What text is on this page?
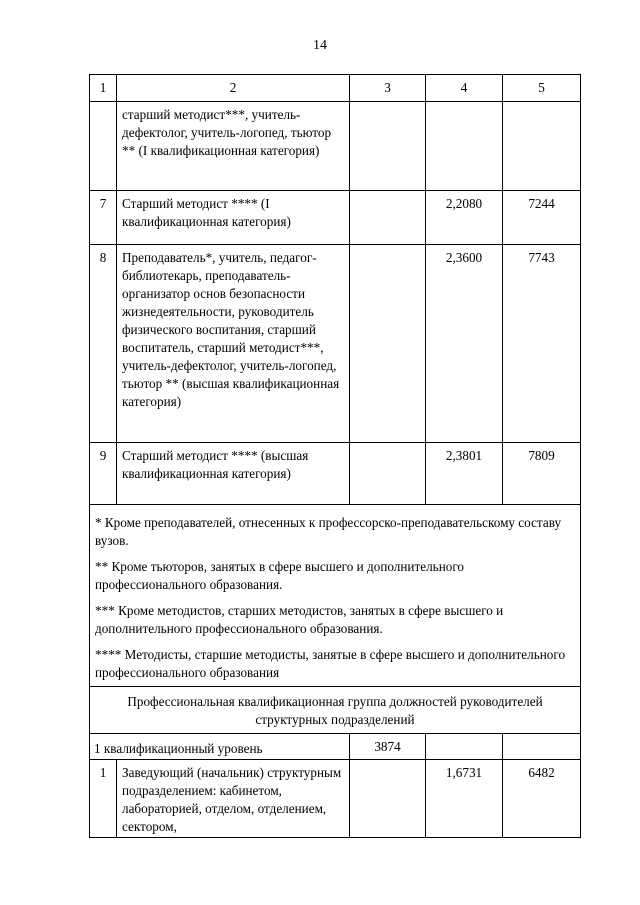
14
1	2	3	4	5
	старший методист***, учитель-дефектолог, учитель-логопед, тьютор ** (I квалификационная категория)			
7	Старший методист **** (I квалификационная категория)		2,2080	7244
8	Преподаватель*, учитель, педагог-библиотекарь, преподаватель-организатор основ безопасности жизнедеятельности, руководитель физического воспитания, старший воспитатель, старший методист***, учитель-дефектолог, учитель-логопед, тьютор ** (высшая квалификационная категория)		2,3600	7743
9	Старший методист **** (высшая квалификационная категория)		2,3801	7809

* Кроме преподавателей, отнесенных к профессорско-преподавательскому составу вузов.

** Кроме тьюторов, занятых в сфере высшего и дополнительного профессионального образования.

*** Кроме методистов, старших методистов, занятых в сфере высшего и дополнительного профессионального образования.

**** Методисты, старшие методисты, занятые в сфере высшего и дополнительного профессионального образования				

Профессиональная квалификационная группа должностей руководителей структурных подразделений				
1 квалификационный уровень		3874		
1	Заведующий (начальник) структурным подразделением: кабинетом, лабораторией, отделом, отделением, сектором,		1,6731	6482
